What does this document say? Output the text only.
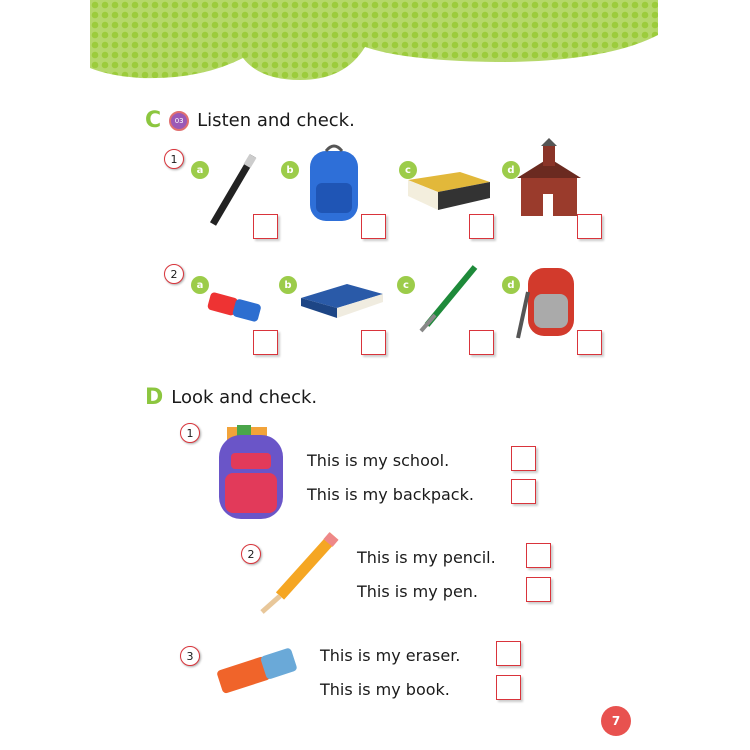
C	03 Listen and check.
1
2
a	b	c	d
a	b	c	d
D Look and check.
1
This is my school.
This is my backpack.
2	This is my pencil.
This is my pen.
3	This is my eraser.
This is my book.
7
